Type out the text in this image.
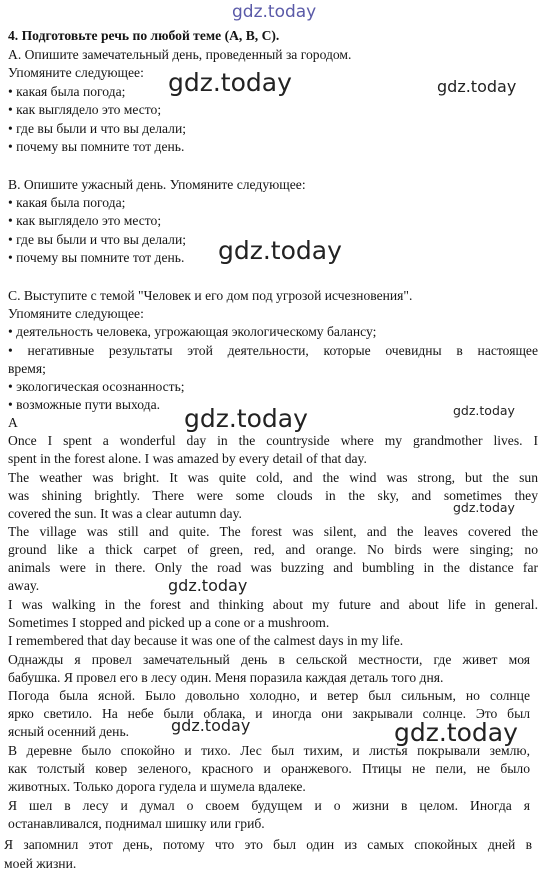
gdz.today
gdz.today	gdz.today
gdz.today
gdz.today	gdz.today
gdz.today
gdz.today
gdz.today	gdz.today
4. Подготовьте речь по любой теме (A, B, C).
A. Опишите замечательный день, проведенный за городом.
Упомяните следующее:
• какая была погода;
• как выглядело это место;
• где вы были и что вы делали;
• почему вы помните тот день.
B. Опишите ужасный день. Упомяните следующее:
• какая была погода;
• как выглядело это место;
• где вы были и что вы делали;
• почему вы помните тот день.
C. Выступите с темой "Человек и его дом под угрозой исчезновения".
Упомяните следующее:
• деятельность человека, угрожающая экологическому балансу;
• негативные результаты этой деятельности, которые очевидны в настоящее
время;
• экологическая осознанность;
• возможные пути выхода.
A
Once I spent a wonderful day in the countryside where my grandmother lives. I
spent in the forest alone. I was amazed by every detail of that day.
The weather was bright. It was quite cold, and the wind was strong, but the sun
was shining brightly. There were some clouds in the sky, and sometimes they
covered the sun. It was a clear autumn day.
The village was still and quite. The forest was silent, and the leaves covered the
ground like a thick carpet of green, red, and orange. No birds were singing; no
animals were in there. Only the road was buzzing and bumbling in the distance far
away.
I was walking in the forest and thinking about my future and about life in general.
Sometimes I stopped and picked up a cone or a mushroom.
I remembered that day because it was one of the calmest days in my life.
Однажды я провел замечательный день в сельской местности, где живет моя
бабушка. Я провел его в лесу один. Меня поразила каждая деталь того дня.
Погода была ясной. Было довольно холодно, и ветер был сильным, но солнце
ярко светило. На небе были облака, и иногда они закрывали солнце. Это был
ясный осенний день.
В деревне было спокойно и тихо. Лес был тихим, и листья покрывали землю,
как толстый ковер зеленого, красного и оранжевого. Птицы не пели, не было
животных. Только дорога гудела и шумела вдалеке.
Я шел в лесу и думал о своем будущем и о жизни в целом. Иногда я
останавливался, поднимал шишку или гриб.
Я запомнил этот день, потому что это был один из самых спокойных дней в
моей жизни.
